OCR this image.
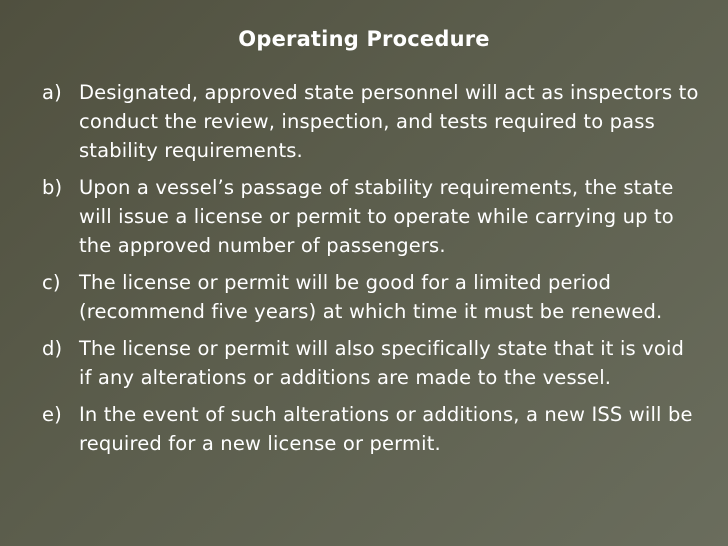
Operating Procedure
a) Designated, approved state personnel will act as inspectors to conduct the review, inspection, and tests required to pass stability requirements.
b) Upon a vessel’s passage of stability requirements, the state will issue a license or permit to operate while carrying up to the approved number of passengers.
c) The license or permit will be good for a limited period (recommend five years) at which time it must be renewed.
d) The license or permit will also specifically state that it is void if any alterations or additions are made to the vessel.
e) In the event of such alterations or additions, a new ISS will be required for a new license or permit.
